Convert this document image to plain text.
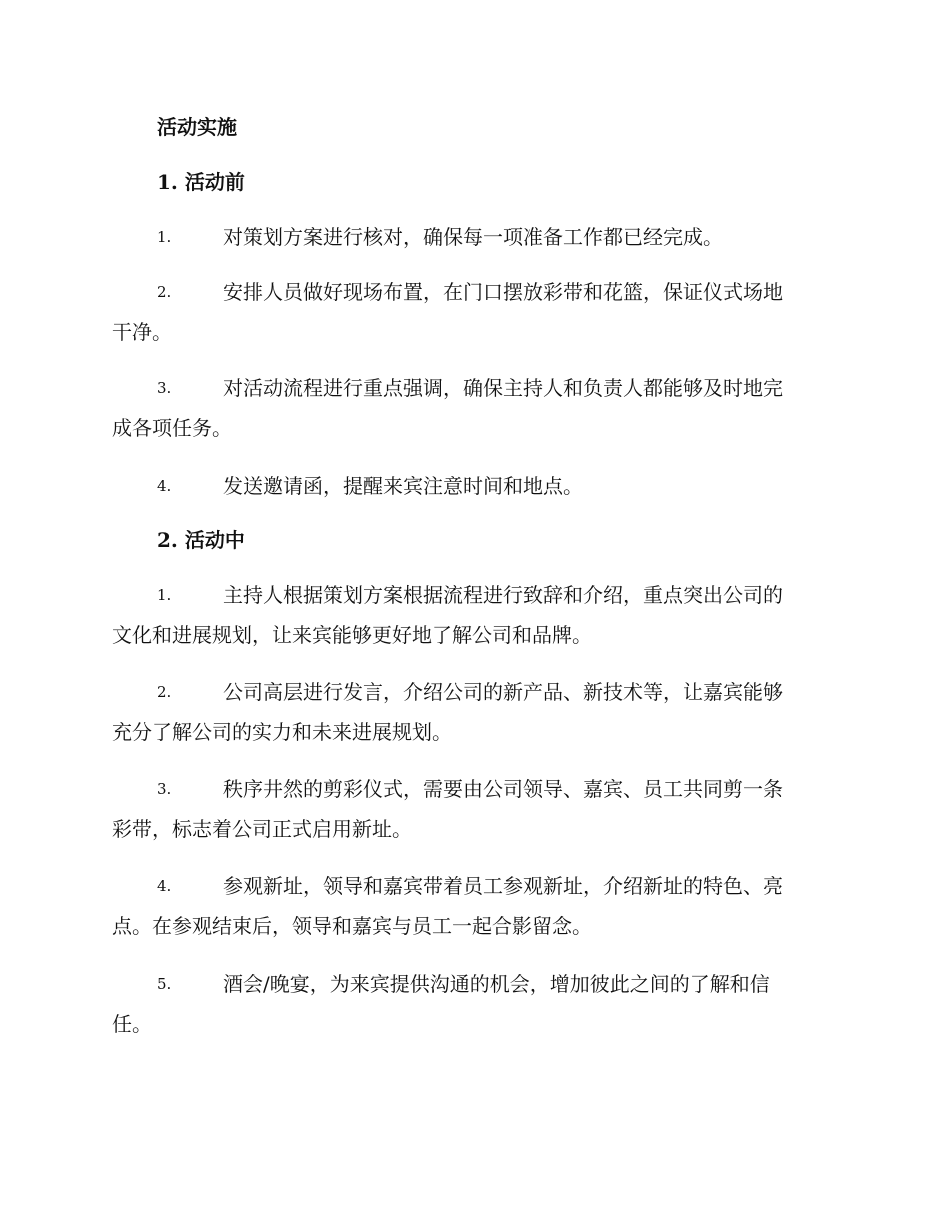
活动实施
1. 活动前
1.	对策划方案进行核对，确保每一项准备工作都已经完成。
2.	安排人员做好现场布置，在门口摆放彩带和花篮，保证仪式场地
干净。
3.	对活动流程进行重点强调，确保主持人和负责人都能够及时地完
成各项任务。
4.	发送邀请函，提醒来宾注意时间和地点。
2. 活动中
1.	主持人根据策划方案根据流程进行致辞和介绍，重点突出公司的
文化和进展规划，让来宾能够更好地了解公司和品牌。
2.	公司高层进行发言，介绍公司的新产品、新技术等，让嘉宾能够
充分了解公司的实力和未来进展规划。
3.	秩序井然的剪彩仪式，需要由公司领导、嘉宾、员工共同剪一条
彩带，标志着公司正式启用新址。
4.	参观新址，领导和嘉宾带着员工参观新址，介绍新址的特色、亮
点。在参观结束后，领导和嘉宾与员工一起合影留念。
5.	酒会/晚宴，为来宾提供沟通的机会，增加彼此之间的了解和信
任。
